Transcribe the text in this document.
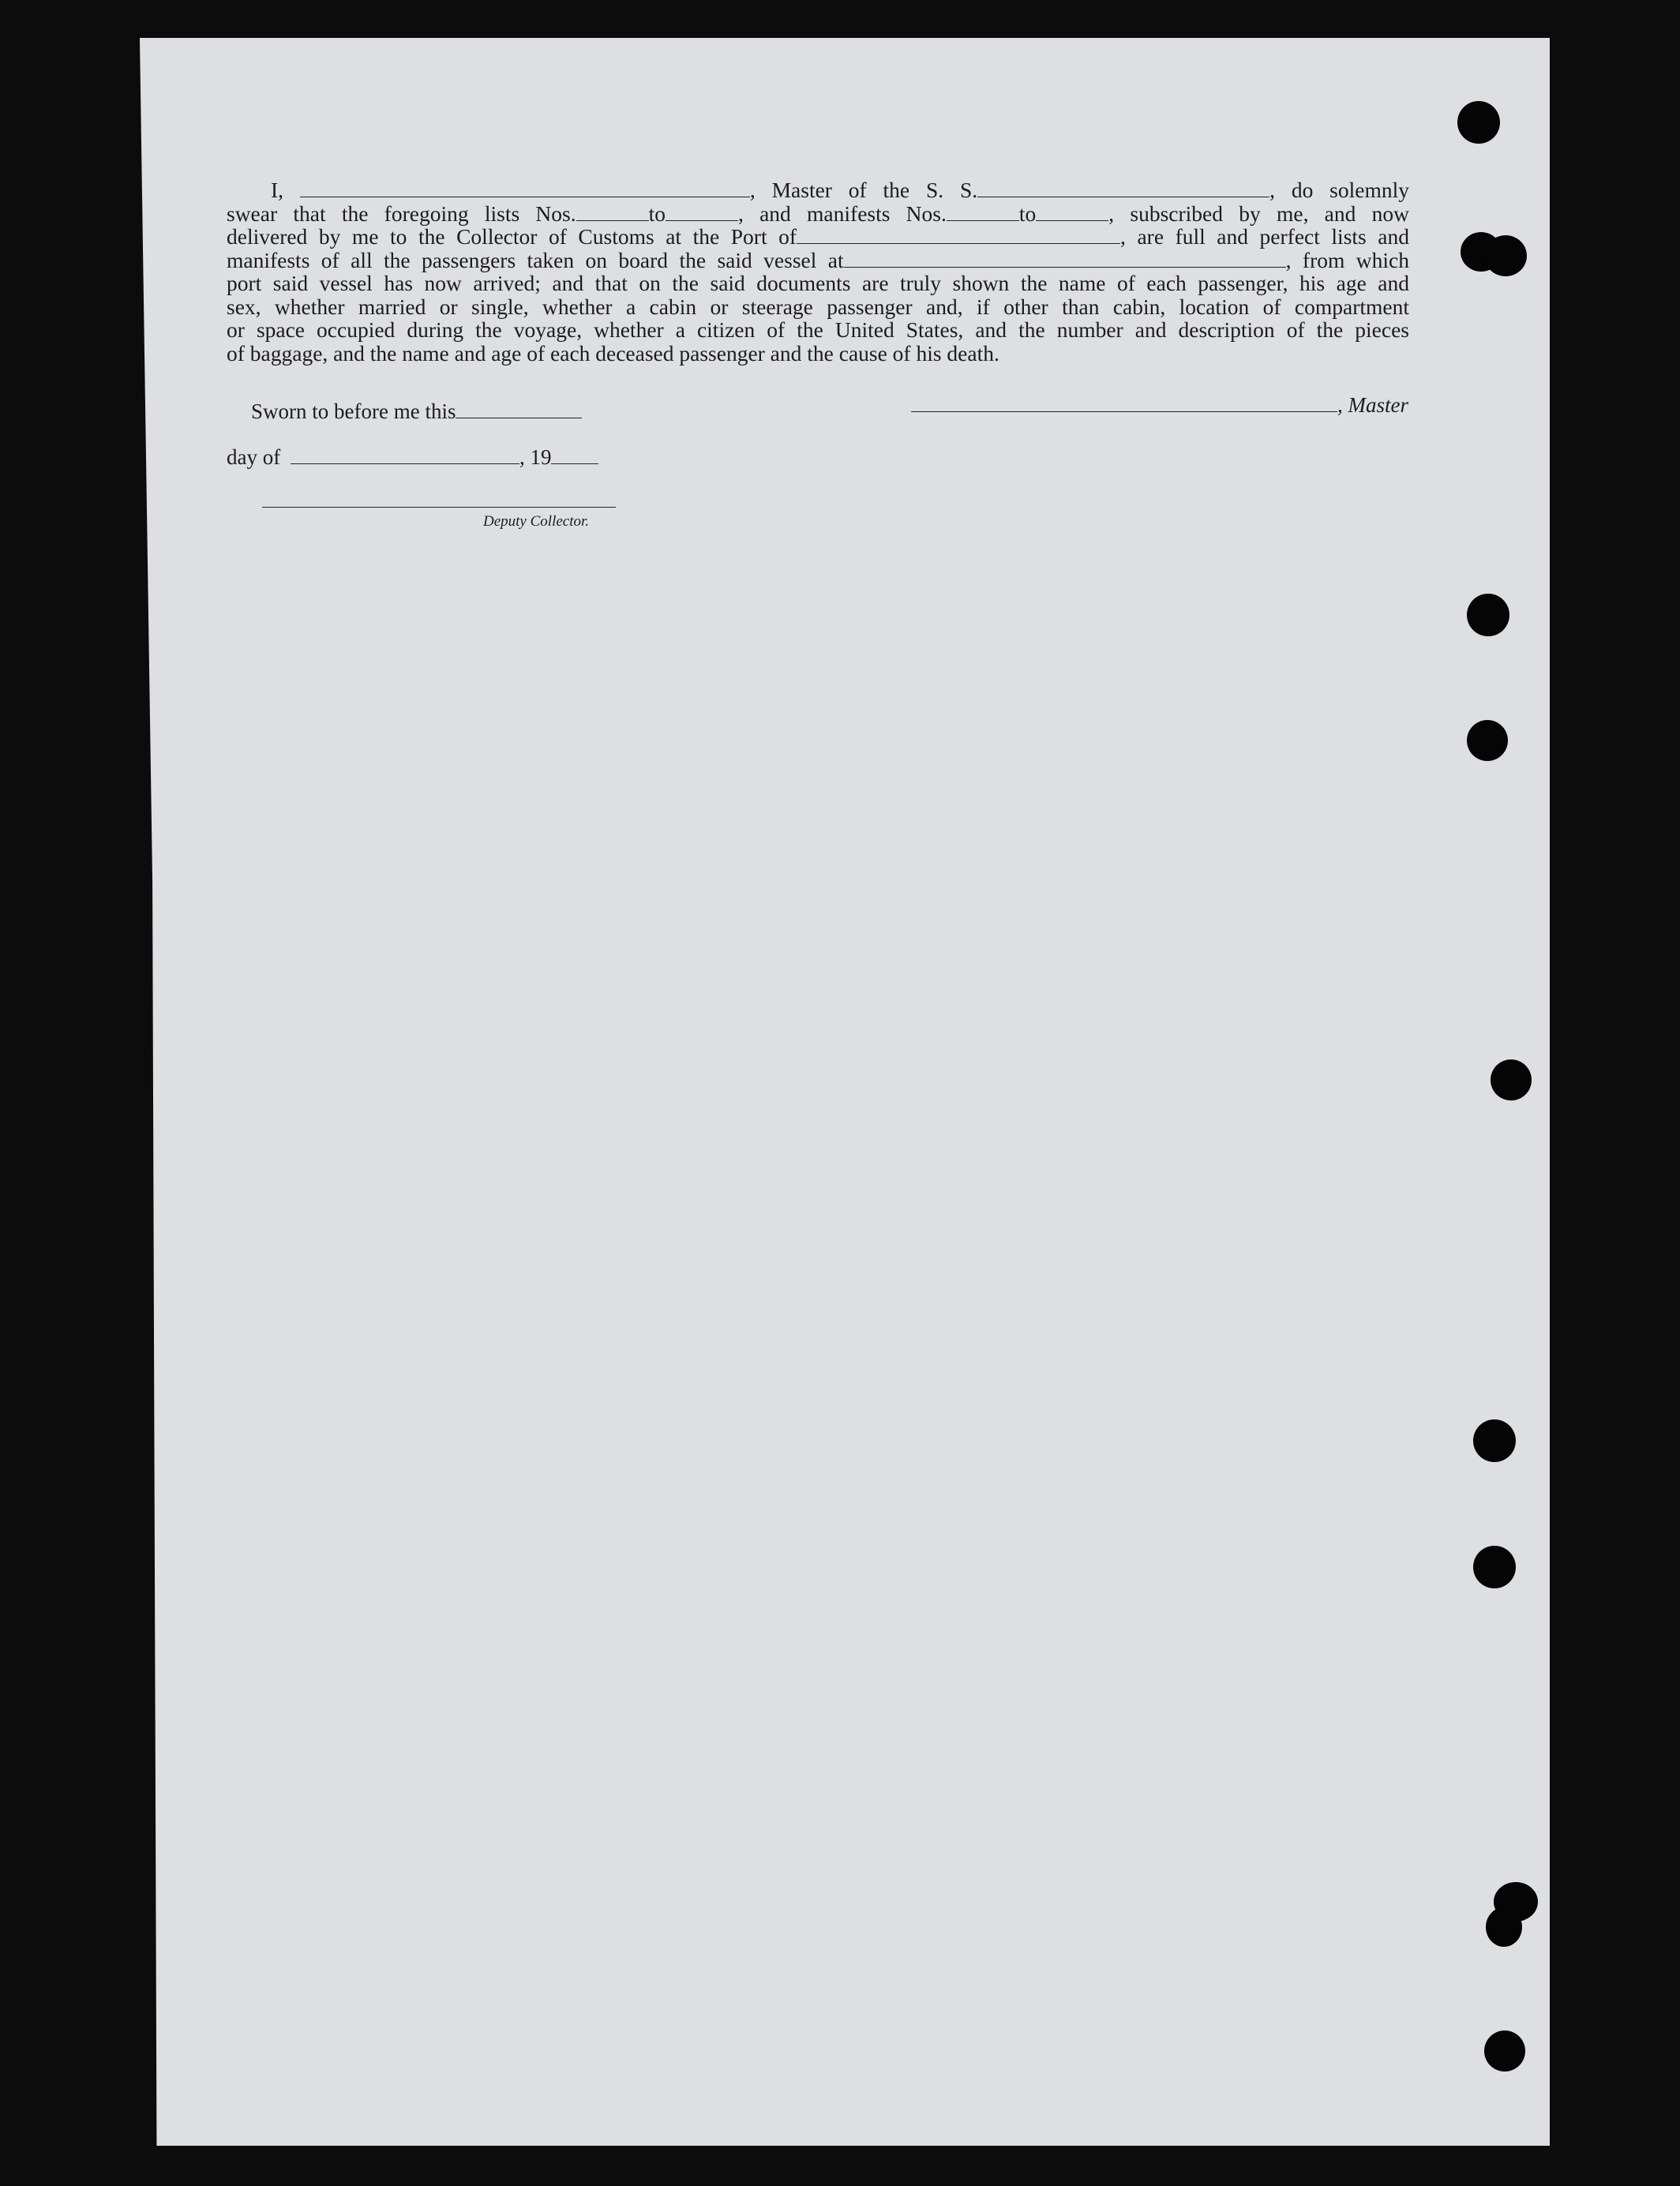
I,	, Master of the S. S.	, do solemnly
swear that the foregoing lists Nos.	to	, and manifests Nos.	to	, subscribed by me, and now
delivered by me to the Collector of Customs at the Port of	, are full and perfect lists and
manifests of all the passengers taken on board the said vessel at	, from which
port said vessel has now arrived; and that on the said documents are truly shown the name of each passenger, his age and
sex, whether married or single, whether a cabin or steerage passenger and, if other than cabin, location of compartment
or space occupied during the voyage, whether a citizen of the United States, and the number and description of the pieces
of baggage, and the name and age of each deceased passenger and the cause of his death.
Sworn to before me this
day of	, 19
, Master
Deputy Collector.
